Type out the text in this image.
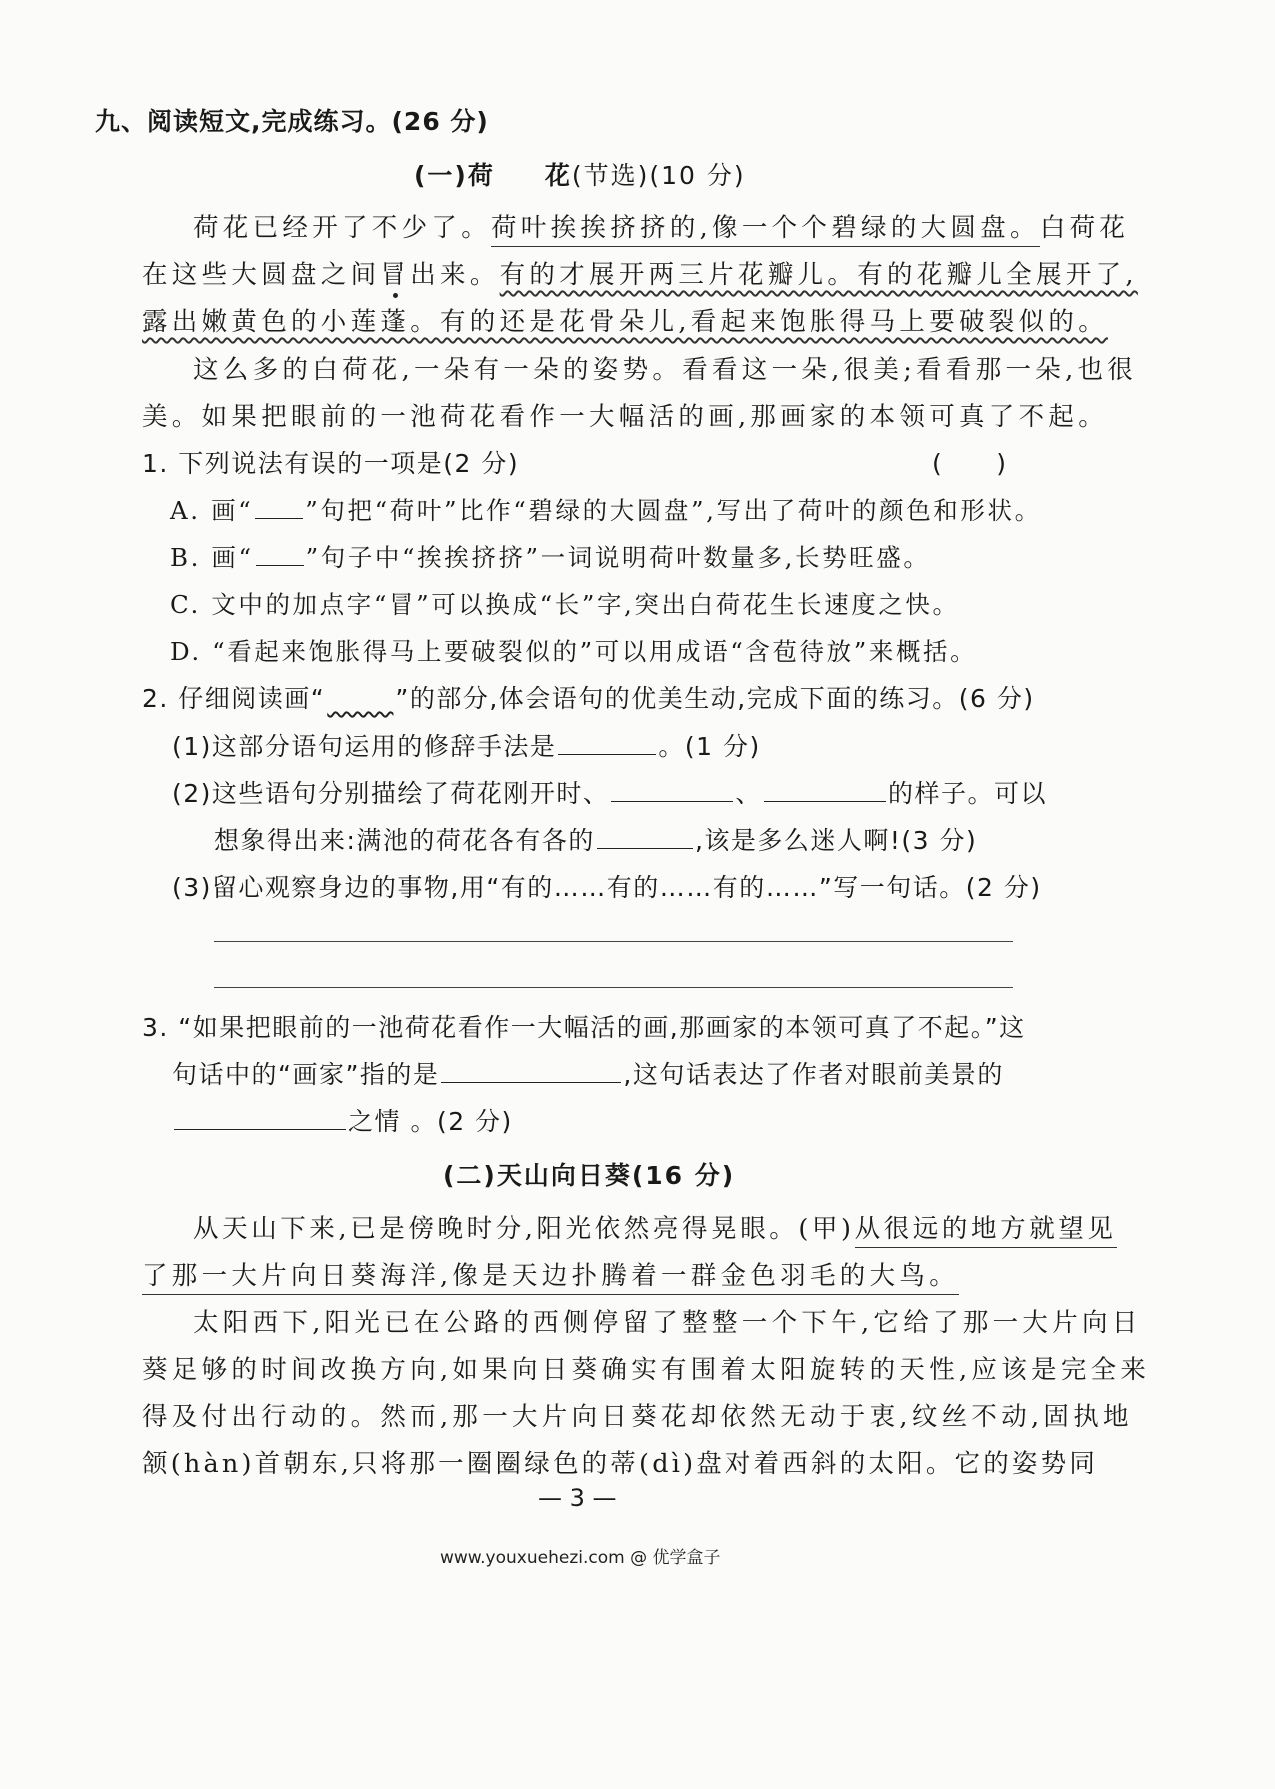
九、阅读短文,完成练习。(26 分)
(一)荷 花(节选)(10 分)
荷花已经开了不少了。荷叶挨挨挤挤的,像一个个碧绿的大圆盘。白荷花
在这些大圆盘之间冒出来。有的才展开两三片花瓣儿。有的花瓣儿全展开了,
露出嫩黄色的小莲蓬。有的还是花骨朵儿,看起来饱胀得马上要破裂似的。
这么多的白荷花,一朵有一朵的姿势。看看这一朵,很美;看看那一朵,也很
美。如果把眼前的一池荷花看作一大幅活的画,那画家的本领可真了不起。
1. 下列说法有误的一项是(2 分)	(　　)
A. 画“ ”句把“荷叶”比作“碧绿的大圆盘”,写出了荷叶的颜色和形状。
B. 画“ ”句子中“挨挨挤挤”一词说明荷叶数量多,长势旺盛。
C. 文中的加点字“冒”可以换成“长”字,突出白荷花生长速度之快。
D. “看起来饱胀得马上要破裂似的”可以用成语“含苞待放”来概括。
2. 仔细阅读画“	”的部分,体会语句的优美生动,完成下面的练习。(6 分)
(1)这部分语句运用的修辞手法是	。(1 分)
(2)这些语句分别描绘了荷花刚开时、	、	的样子。可以
想象得出来:满池的荷花各有各的	,该是多么迷人啊!(3 分)
(3)留心观察身边的事物,用“有的……有的……有的……”写一句话。(2 分)
3. “如果把眼前的一池荷花看作一大幅活的画,那画家的本领可真了不起。”这
句话中的“画家”指的是	,这句话表达了作者对眼前美景的
之情 。(2 分)
(二)天山向日葵(16 分)
从天山下来,已是傍晚时分,阳光依然亮得晃眼。(甲)从很远的地方就望见
了那一大片向日葵海洋,像是天边扑腾着一群金色羽毛的大鸟。
太阳西下,阳光已在公路的西侧停留了整整一个下午,它给了那一大片向日
葵足够的时间改换方向,如果向日葵确实有围着太阳旋转的天性,应该是完全来
得及付出行动的。然而,那一大片向日葵花却依然无动于衷,纹丝不动,固执地
颔(hàn)首朝东,只将那一圈圈绿色的蒂(dì)盘对着西斜的太阳。它的姿势同
— 3 —
www.youxuehezi.com @ 优学盒子
